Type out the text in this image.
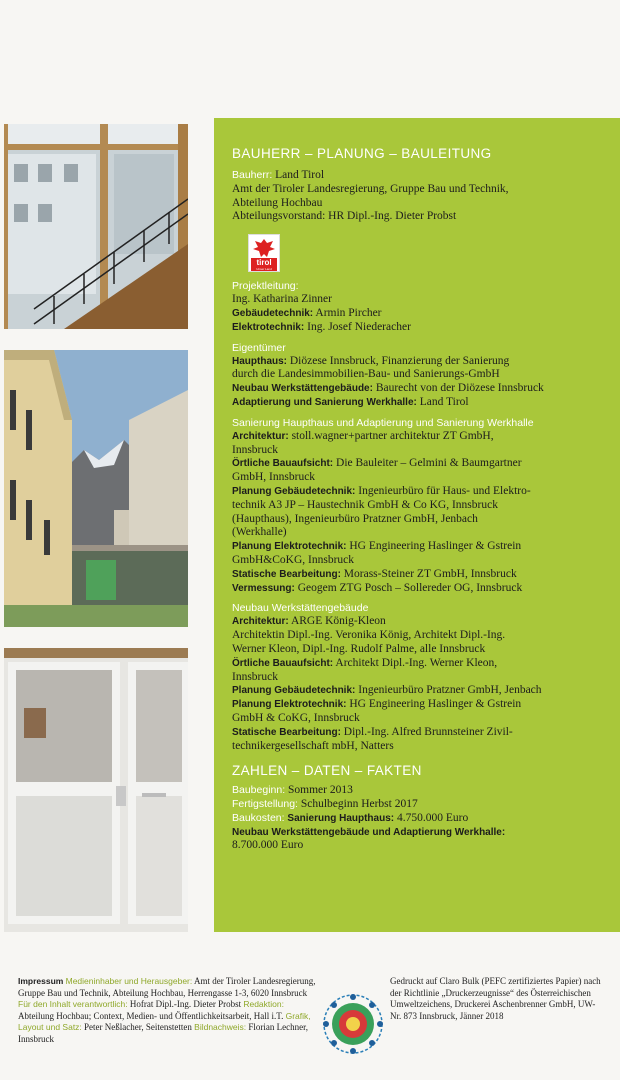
BAUHERR – PLANUNG – BAULEITUNG

Bauherr: Land Tirol

Amt der Tiroler Landesregierung, Gruppe Bau und Technik,

Abteilung Hochbau

Abteilungsvorstand: HR Dipl.-Ing. Dieter Probst

tirol
Unser Land
Projektleitung:

Ing. Katharina Zinner

Gebäudetechnik: Armin Pircher

Elektrotechnik: Ing. Josef Niederacher

Eigentümer

Haupthaus: Diözese Innsbruck, Finanzierung der Sanierung

durch die Landesimmobilien-Bau- und Sanierungs-GmbH

Neubau Werkstättengebäude: Baurecht von der Diözese Innsbruck

Adaptierung und Sanierung Werkhalle: Land Tirol

Sanierung Haupthaus und Adaptierung und Sanierung Werkhalle

Architektur: stoll.wagner+partner architektur ZT GmbH,

Innsbruck

Örtliche Bauaufsicht: Die Bauleiter – Gelmini & Baumgartner

GmbH, Innsbruck

Planung Gebäudetechnik: Ingenieurbüro für Haus- und Elektro-

technik A3 JP – Haustechnik GmbH & Co KG, Innsbruck

(Haupthaus), Ingenieurbüro Pratzner GmbH, Jenbach

(Werkhalle)

Planung Elektrotechnik: HG Engineering Haslinger & Gstrein

GmbH&CoKG, Innsbruck

Statische Bearbeitung: Morass-Steiner ZT GmbH, Innsbruck

Vermessung: Geogem ZTG Posch – Sollereder OG, Innsbruck

Neubau Werkstättengebäude

Architektur: ARGE König-Kleon

Architektin Dipl.-Ing. Veronika König, Architekt Dipl.-Ing.

Werner Kleon, Dipl.-Ing. Rudolf Palme, alle Innsbruck

Örtliche Bauaufsicht: Architekt Dipl.-Ing. Werner Kleon,

Innsbruck

Planung Gebäudetechnik: Ingenieurbüro Pratzner GmbH, Jenbach

Planung Elektrotechnik: HG Engineering Haslinger & Gstrein

GmbH & CoKG, Innsbruck

Statische Bearbeitung: Dipl.-Ing. Alfred Brunnsteiner Zivil-

technikergesellschaft mbH, Natters

ZAHLEN – DATEN – FAKTEN

Baubeginn: Sommer 2013

Fertigstellung: Schulbeginn Herbst 2017

Baukosten: Sanierung Haupthaus: 4.750.000 Euro

Neubau Werkstättengebäude und Adaptierung Werkhalle:

8.700.000 Euro

Impressum Medieninhaber und Herausgeber: Amt der Tiroler Landesregierung, Gruppe Bau und Technik, Abteilung Hochbau, Herrengasse 1-3, 6020 Innsbruck Für den Inhalt verantwortlich: Hofrat Dipl.-Ing. Dieter Probst Redaktion: Abteilung Hochbau; Context, Medien- und Öffentlichkeitsarbeit, Hall i.T. Grafik, Layout und Satz: Peter Neßlacher, Seitenstetten Bildnachweis: Florian Lechner, Innsbruck
Gedruckt auf Claro Bulk (PEFC zertifiziertes Papier) nach der Richtlinie „Druckerzeugnisse“ des Österreichischen Umweltzeichens, Druckerei Aschenbrenner GmbH, UW-Nr. 873 Innsbruck, Jänner 2018
